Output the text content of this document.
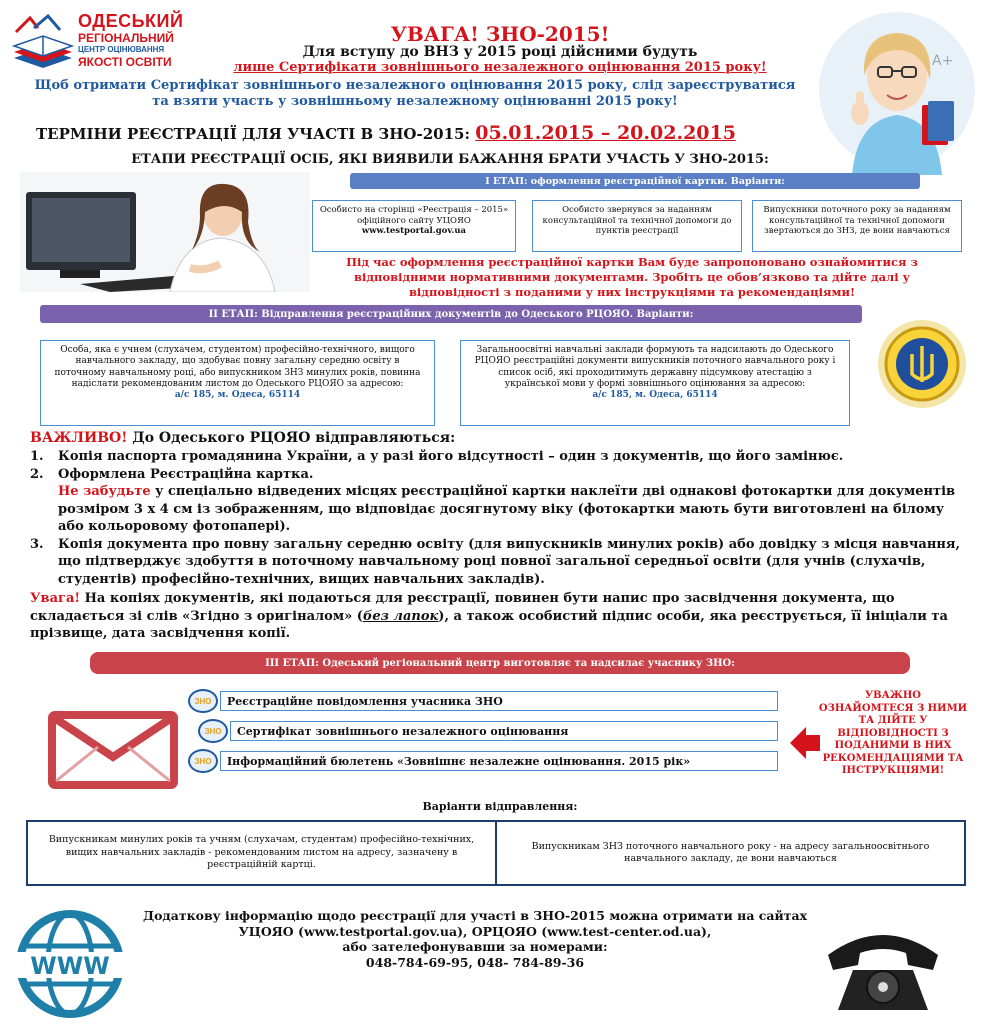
ОДЕСЬКИЙ
РЕГІОНАЛЬНИЙ
ЦЕНТР ОЦІНЮВАННЯ
ЯКОСТІ ОСВІТИ
УВАГА! ЗНО-2015!
Для вступу до ВНЗ у 2015 році дійсними будуть
лише Сертифікати зовнішнього незалежного оцінювання 2015 року!
Щоб отримати Сертифікат зовнішнього незалежного оцінювання 2015 року, слід зареєструватися
та взяти участь у зовнішньому незалежному оцінюванні 2015 року!
A+
ТЕРМІНИ РЕЄСТРАЦІЇ ДЛЯ УЧАСТІ В ЗНО-2015: 05.01.2015 – 20.02.2015
ЕТАПИ РЕЄСТРАЦІЇ ОСІБ, ЯКІ ВИЯВИЛИ БАЖАННЯ БРАТИ УЧАСТЬ У ЗНО-2015:
І ЕТАП: оформлення реєстраційної картки. Варіанти:
Особисто на сторінці «Реєстрація – 2015» офіційного сайту УЦОЯО
www.testportal.gov.ua
Особисто звернувся за наданням консультаційної та технічної допомоги до пунктів реєстрації
Випускники поточного року за наданням консультаційної та технічної допомоги звертаються до ЗНЗ, де вони навчаються
Під час оформлення реєстраційної картки Вам буде запропоновано ознайомитися з відповідними нормативними документами. Зробіть це обов’язково та дійте далі у відповідності з поданими у них інструкціями та рекомендаціями!
ІІ ЕТАП: Відправлення реєстраційних документів до Одеського РЦОЯО. Варіанти:
Особа, яка є учнем (слухачем, студентом) професійно-технічного, вищого навчального закладу, що здобуває повну загальну середню освіту в поточному навчальному році, або випускником ЗНЗ минулих років, повинна надіслати рекомендованим листом до Одеського РЦОЯО за адресою:
а/с 185, м. Одеса, 65114
Загальноосвітні навчальні заклади формують та надсилають до Одеського РЦОЯО реєстраційні документи випускників поточного навчального року і список осіб, які проходитимуть державну підсумкову атестацію з української мови у формі зовнішнього оцінювання за адресою:
а/с 185, м. Одеса, 65114
ВАЖЛИВО! До Одеського РЦОЯО відправляються:
1.	Копія паспорта громадянина України, а у разі його відсутності – один з документів, що його замінює.
2.	Оформлена Реєстраційна картка.
Не забудьте у спеціально відведених місцях реєстраційної картки наклеїти дві однакові фотокартки для документів розміром 3 х 4 см із зображенням, що відповідає досягнутому віку (фотокартки мають бути виготовлені на білому або кольоровому фотопапері).
3.	Копія документа про повну загальну середню освіту (для випускників минулих років) або довідку з місця навчання, що підтверджує здобуття в поточному навчальному році повної загальної середньої освіти (для учнів (слухачів, студентів) професійно-технічних, вищих навчальних закладів).
Увага! На копіях документів, які подаються для реєстрації, повинен бути напис про засвідчення документа, що складається зі слів «Згідно з оригіналом» (без лапок), а також особистий підпис особи, яка реєструється, її ініціали та прізвище, дата засвідчення копії.
ІІІ ЕТАП: Одеський регіональний центр виготовляє та надсилає учаснику ЗНО:
ЗНО	Реєстраційне повідомлення учасника ЗНО
ЗНО	Сертифікат зовнішнього незалежного оцінювання
ЗНО	Інформаційний бюлетень «Зовнішнє незалежне оцінювання. 2015 рік»
УВАЖНО ОЗНАЙОМТЕСЯ З НИМИ ТА ДІЙТЕ У ВІДПОВІДНОСТІ З ПОДАНИМИ В НИХ РЕКОМЕНДАЦІЯМИ ТА ІНСТРУКЦІЯМИ!
Варіанти відправлення:
Випускникам минулих років та учням (слухачам, студентам) професійно-технічних, вищих навчальних закладів - рекомендованим листом на адресу, зазначену в реєстраційній картці.
Випускникам ЗНЗ поточного навчального року - на адресу загальноосвітнього навчального закладу, де вони навчаються
WWW
Додаткову інформацію щодо реєстрації для участі в ЗНО-2015 можна отримати на сайтах
УЦОЯО (www.testportal.gov.ua), ОРЦОЯО (www.test-center.od.ua),
або зателефонувавши за номерами:
048-784-69-95, 048- 784-89-36
